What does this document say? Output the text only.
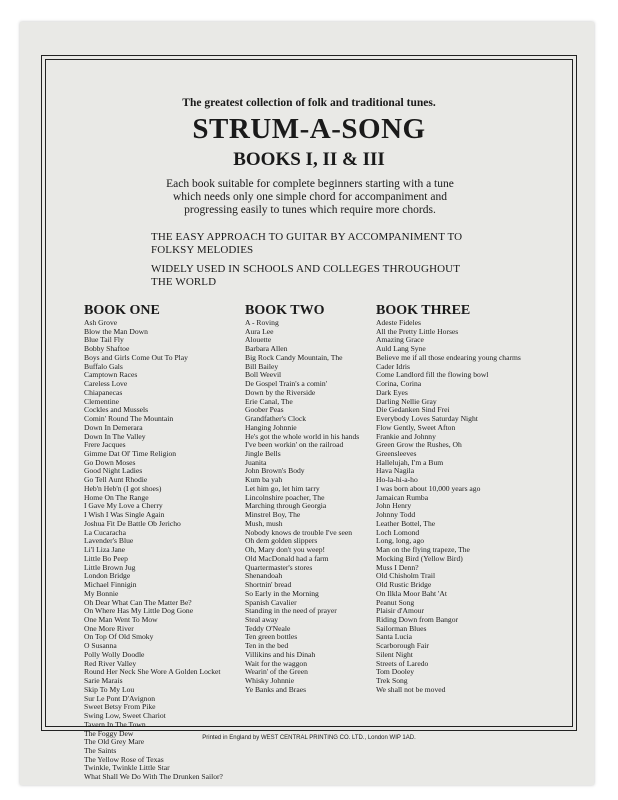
The greatest collection of folk and traditional tunes.
STRUM-A-SONG
BOOKS I, II & III
Each book suitable for complete beginners starting with a tune which needs only one simple chord for accompaniment and progressing easily to tunes which require more chords.
THE EASY APPROACH TO GUITAR BY ACCOMPANIMENT TO FOLKSY MELODIES
WIDELY USED IN SCHOOLS AND COLLEGES THROUGHOUT THE WORLD
BOOK ONE
Ash Grove
Blow the Man Down
Blue Tail Fly
Bobby Shaftoe
Boys and Girls Come Out To Play
Buffalo Gals
Camptown Races
Careless Love
Chiapanecas
Clementine
Cockles and Mussels
Comin' Round The Mountain
Down In Demerara
Down In The Valley
Frere Jacques
Gimme Dat Ol' Time Religion
Go Down Moses
Good Night Ladies
Go Tell Aunt Rhodie
Heb'n Heb'n (I got shoes)
Home On The Range
I Gave My Love a Cherry
I Wish I Was Single Again
Joshua Fit De Battle Ob Jericho
La Cucaracha
Lavender's Blue
Li'l Liza Jane
Little Bo Peep
Little Brown Jug
London Bridge
Michael Finnigin
My Bonnie
Oh Dear What Can The Matter Be?
On Where Has My Little Dog Gone
One Man Went To Mow
One More River
On Top Of Old Smoky
O Susanna
Polly Wolly Doodle
Red River Valley
Round Her Neck She Wore A Golden Locket
Sarie Marais
Skip To My Lou
Sur Le Pont D'Avignon
Sweet Betsy From Pike
Swing Low, Sweet Chariot
Tavern In The Town
The Foggy Dew
The Old Grey Mare
The Saints
The Yellow Rose of Texas
Twinkle, Twinkle Little Star
What Shall We Do With The Drunken Sailor?
BOOK TWO
A - Roving
Aura Lee
Alouette
Barbara Allen
Big Rock Candy Mountain, The
Bill Bailey
Boll Weevil
De Gospel Train's a comin'
Down by the Riverside
Erie Canal, The
Goober Peas
Grandfather's Clock
Hanging Johnnie
He's got the whole world in his hands
I've been workin' on the railroad
Jingle Bells
Juanita
John Brown's Body
Kum ba yah
Let him go, let him tarry
Lincolnshire poacher, The
Marching through Georgia
Minstrel Boy, The
Mush, mush
Nobody knows de trouble I've seen
Oh dem golden slippers
Oh, Mary don't you weep!
Old MacDonald had a farm
Quartermaster's stores
Shenandoah
Shortnin' bread
So Early in the Morning
Spanish Cavalier
Standing in the need of prayer
Steal away
Teddy O'Neale
Ten green bottles
Ten in the bed
Villikins and his Dinah
Wait for the waggon
Wearin' of the Green
Whisky Johnnie
Ye Banks and Braes
BOOK THREE
Adeste Fideles
All the Pretty Little Horses
Amazing Grace
Auld Lang Syne
Believe me if all those endearing young charms
Cader Idris
Come Landlord fill the flowing bowl
Corina, Corina
Dark Eyes
Darling Nellie Gray
Die Gedanken Sind Frei
Everybody Loves Saturday Night
Flow Gently, Sweet Afton
Frankie and Johnny
Green Grow the Rushes, Oh
Greensleeves
Hallelujah, I'm a Bum
Hava Nagila
Ho-la-hi-a-ho
I was born about 10,000 years ago
Jamaican Rumba
John Henry
Johnny Todd
Leather Bottel, The
Loch Lomond
Long, long, ago
Man on the flying trapeze, The
Mocking Bird (Yellow Bird)
Muss I Denn?
Old Chisholm Trail
Old Rustic Bridge
On Ilkla Moor Baht 'At
Peanut Song
Plaisir d'Amour
Riding Down from Bangor
Sailorman Blues
Santa Lucia
Scarborough Fair
Silent Night
Streets of Laredo
Tom Dooley
Trek Song
We shall not be moved
Printed in England by WEST CENTRAL PRINTING CO. LTD., London WIP 1AD.
